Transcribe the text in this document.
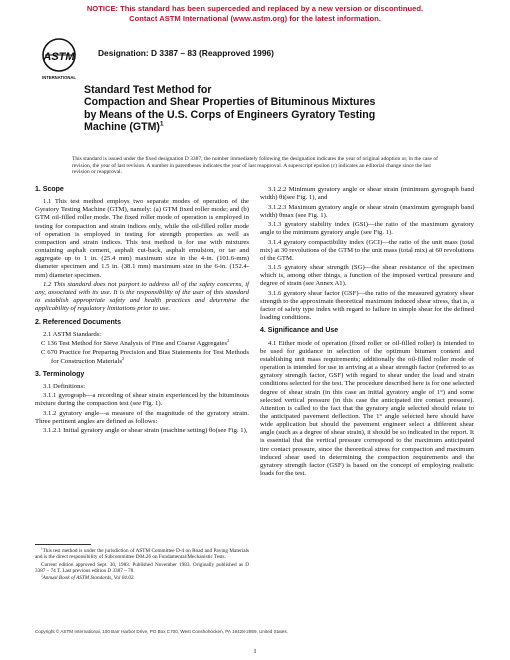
NOTICE: This standard has been superceded and replaced by a new version or discontinued.
Contact ASTM International (www.astm.org) for the latest information.
ASTM
INTERNATIONAL
Designation: D 3387 – 83 (Reapproved 1996)
Standard Test Method for
Compaction and Shear Properties of Bituminous Mixtures
by Means of the U.S. Corps of Engineers Gyratory Testing
Machine (GTM)$^1$
This standard is issued under the fixed designation D 3387; the number immediately following the designation indicates the year of original adoption or, in the case of revision, the year of last revision. A number in parentheses indicates the year of last reapproval. A superscript epsilon (ε) indicates an editorial change since the last revision or reapproval.
1. Scope

1.1 This test method employs two separate modes of operation of the Gyratory Testing Machine (GTM), namely: (a) GTM fixed roller mode; and (b) GTM oil-filled roller mode. The fixed roller mode of operation is employed in testing for compaction and strain indices only, while the oil-filled roller mode of operation is employed in testing for strength properties as well as compaction and strain indices. This test method is for use with mixtures containing asphalt cement, asphalt cut-back, asphalt emulsion, or tar and aggregate up to 1 in. (25.4 mm) maximum size in the 4-in. (101.6-mm) diameter specimen and 1.5 in. (38.1 mm) maximum size in the 6-in. (152.4-mm) diameter specimen.

1.2 This standard does not purport to address all of the safety concerns, if any, associated with its use. It is the responsibility of the user of this standard to establish appropriate safety and health practices and determine the applicability of regulatory limitations prior to use.

2. Referenced Documents

2.1 ASTM Standards:

C 136 Test Method for Sieve Analysis of Fine and Coarse Aggregates$^2$

C 670 Practice for Preparing Precision and Bias Statements for Test Methods for Construction Materials$^2$

3. Terminology

3.1 Definitions:

3.1.1 gyrograph—a recording of shear strain experienced by the bituminous mixture during the compaction test (see Fig. 1).

3.1.2 gyratory angle—a measure of the magnitude of the gyratory strain. Three pertinent angles are defined as follows:

3.1.2.1 Initial gyratory angle or shear strain (machine setting) θo(see Fig. 1),

$^1$This test method is under the jurisdiction of ASTM Committee D-4 on Road and Paving Materials and is the direct responsibility of Subcommittee D04.26 on Fundamental/Mechanistic Tests.

Current edition approved Sept. 30, 1983. Published November 1983. Originally published as D 3387 – 74 T. Last previous edition D 3387 – 78.

$^2$Annual Book of ASTM Standards, Vol 04.02.

3.1.2.2 Minimum gyratory angle or shear strain (minimum gyrograph band width) θi(see Fig. 1), and

3.1.2.3 Maximum gyratory angle or shear strain (maximum gyrograph band width) θmax (see Fig. 1).

3.1.3 gyratory stability index (GSI)—the ratio of the maximum gyratory angle to the minimum gyratory angle (see Fig. 1).

3.1.4 gyratory compactibility index (GCI)—the ratio of the unit mass (total mix) at 30 revolutions of the GTM to the unit mass (total mix) at 60 revolutions of the GTM.

3.1.5 gyratory shear strength (SG)—the shear resistance of the specimen which is, among other things, a function of the imposed vertical pressure and degree of strain (see Annex A1).

3.1.6 gyratory shear factor (GSF)—the ratio of the measured gyratory shear strength to the approximate theoretical maximum induced shear stress, that is, a factor of safety type index with regard to failure in simple shear for the defined loading conditions.

4. Significance and Use

4.1 Either mode of operation (fixed roller or oil-filled roller) is intended to be used for guidance in selection of the optimum bitumen content and establishing unit mass requirements; additionally the oil-filled roller mode of operation is intended for use in arriving at a shear strength factor (referred to as gyratory strength factor, GSF) with regard to shear under the load and strain conditions selected for the test. The procedure described here is for one selected degree of shear strain (in this case an initial gyratory angle of 1°) and some selected vertical pressure (in this case the anticipated tire contact pressure). Attention is called to the fact that the gyratory angle selected should relate to the anticipated pavement deflection. The 1° angle selected here should have wide application but should the pavement engineer select a different shear angle (such as a degree of shear strain), it should be so indicated in the report. It is essential that the vertical pressure correspond to the maximum anticipated tire contact pressure, since the theoretical stress for compaction and maximum induced shear used in determining the compaction requirements and the gyratory strength factor (GSF) is based on the concept of employing realistic loads for the test.

Copyright © ASTM International, 100 Barr Harbor Drive, PO Box C700, West Conshohocken, PA 19428-2959, United States.
1
